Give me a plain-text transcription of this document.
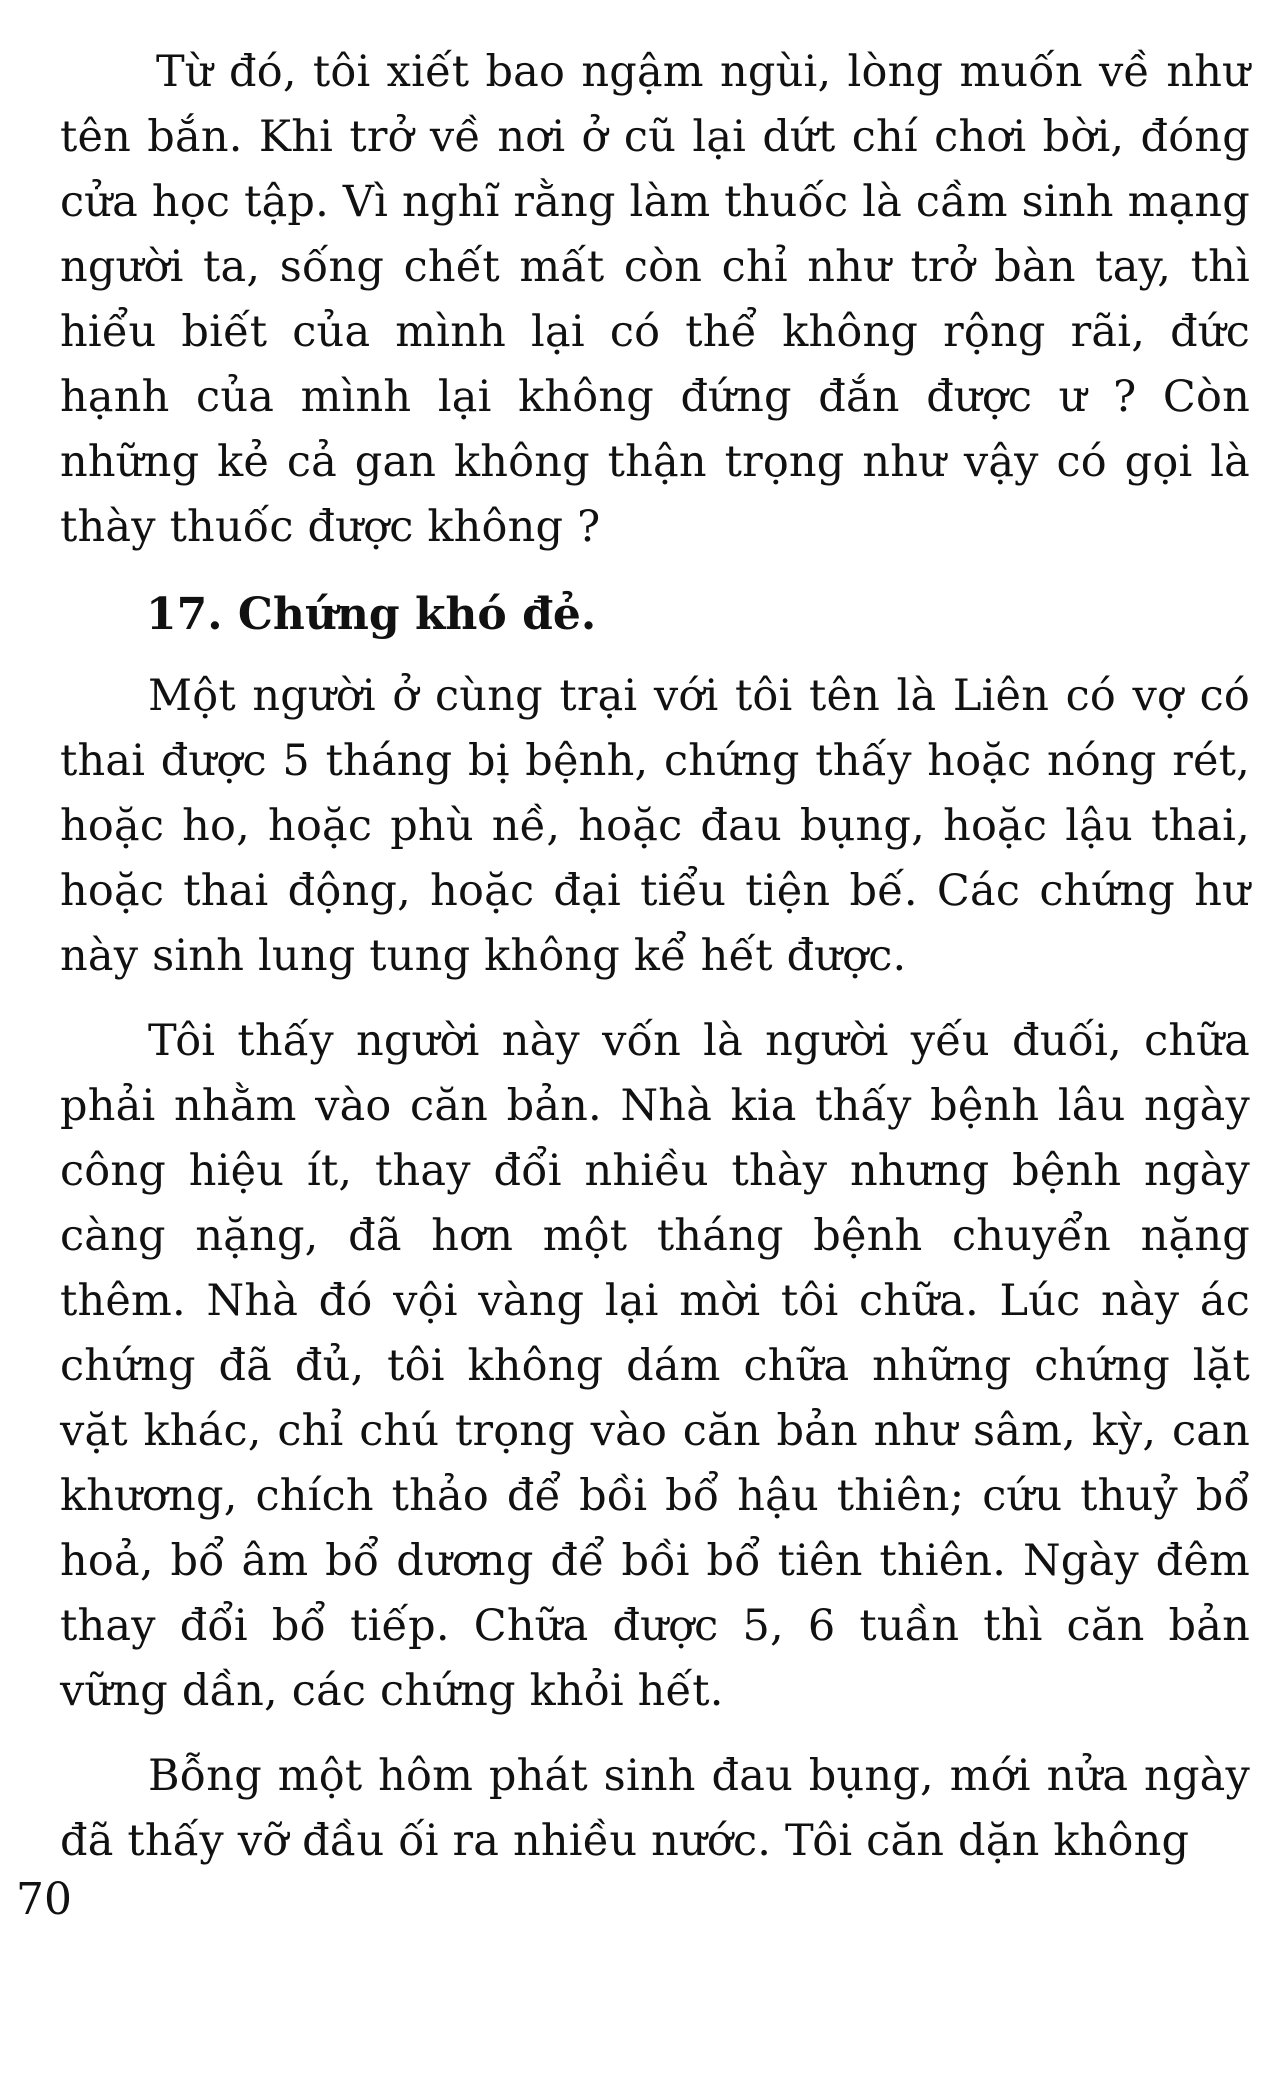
Từ đó, tôi xiết bao ngậm ngùi, lòng muốn về như tên bắn. Khi trở về nơi ở cũ lại dứt chí chơi bời, đóng cửa học tập. Vì nghĩ rằng làm thuốc là cầm sinh mạng người ta, sống chết mất còn chỉ như trở bàn tay, thì hiểu biết của mình lại có thể không rộng rãi, đức hạnh của mình lại không đứng đắn được ư ? Còn những kẻ cả gan không thận trọng như vậy có gọi là thày thuốc được không ?

17. Chứng khó đẻ.

Một người ở cùng trại với tôi tên là Liên có vợ có thai được 5 tháng bị bệnh, chứng thấy hoặc nóng rét, hoặc ho, hoặc phù nề, hoặc đau bụng, hoặc lậu thai, hoặc thai động, hoặc đại tiểu tiện bế. Các chứng hư này sinh lung tung không kể hết được.

Tôi thấy người này vốn là người yếu đuối, chữa phải nhằm vào căn bản. Nhà kia thấy bệnh lâu ngày công hiệu ít, thay đổi nhiều thày nhưng bệnh ngày càng nặng, đã hơn một tháng bệnh chuyển nặng thêm. Nhà đó vội vàng lại mời tôi chữa. Lúc này ác chứng đã đủ, tôi không dám chữa những chứng lặt vặt khác, chỉ chú trọng vào căn bản như sâm, kỳ, can khương, chích thảo để bồi bổ hậu thiên; cứu thuỷ bổ hoả, bổ âm bổ dương để bồi bổ tiên thiên. Ngày đêm thay đổi bổ tiếp. Chữa được 5, 6 tuần thì căn bản vững dần, các chứng khỏi hết.

Bỗng một hôm phát sinh đau bụng, mới nửa ngày đã thấy vỡ đầu ối ra nhiều nước. Tôi căn dặn không

70
